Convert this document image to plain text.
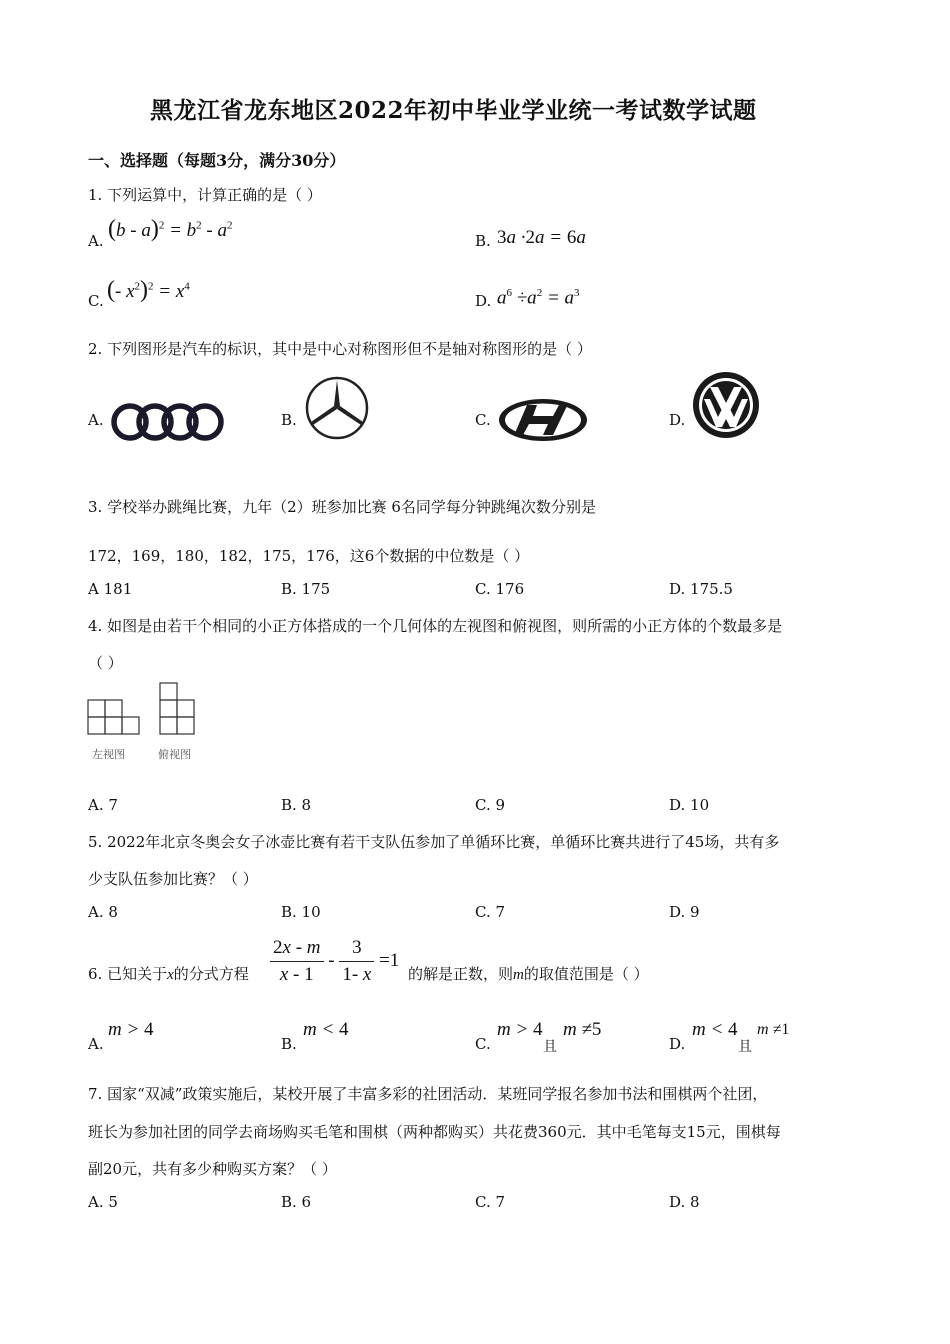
黑龙江省龙东地区2022年初中毕业学业统一考试数学试题
一、选择题（每题3分，满分30分）
1. 下列运算中，计算正确的是（ ）
A. $(b - a)^2 = b^2 - a^2$
B. 3a ·2a = 6a
C. (- $x^2)^2 = x^4$
D. $a^6 \div a^2 = a^3$
2. 下列图形是汽车的标识，其中是中心对称图形但不是轴对称图形的是（ ）
A.	B.	C.	D.
3. 学校举办跳绳比赛，九年（2）班参加比赛 6名同学每分钟跳绳次数分别是
172，169，180，182，175，176，这6个数据的中位数是（ ）
A 181	B. 175	C. 176	D. 175.5
4. 如图是由若干个相同的小正方体搭成的一个几何体的左视图和俯视图，则所需的小正方体的个数最多是
（ ）
左视图	俯视图
A. 7	B. 8	C. 9	D. 10
5. 2022年北京冬奥会女子冰壶比赛有若干支队伍参加了单循环比赛，单循环比赛共进行了45场，共有多
少支队伍参加比赛？（ ）
A. 8	B. 10	C. 7	D. 9
6. 已知关于x的分式方程 $\frac{2x - m}{x - 1} - \frac{3}{1- x} =1$
的解是正数，则m的取值范围是（ ）
A.
m > 4
B.
m < 4
C.
m > 4
且
m ≠5
D.
m < 4
且
m ≠1
7. 国家“双减”政策实施后，某校开展了丰富多彩的社团活动．某班同学报名参加书法和围棋两个社团，
班长为参加社团的同学去商场购买毛笔和围棋（两种都购买）共花费360元．其中毛笔每支15元，围棋每
副20元，共有多少种购买方案？（ ）
A. 5	B. 6	C. 7	D. 8
